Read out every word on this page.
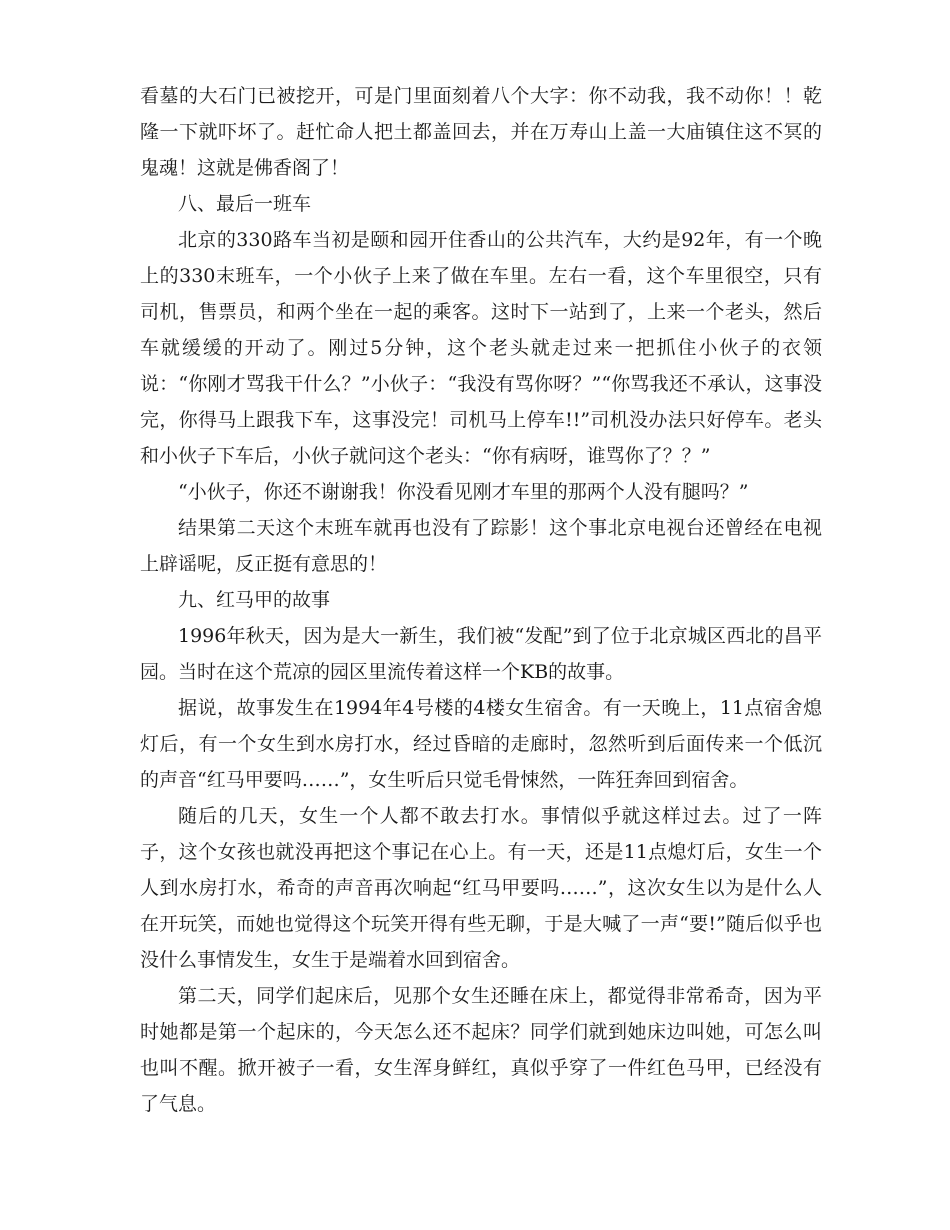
看墓的大石门已被挖开，可是门里面刻着八个大字：你不动我，我不动你！！乾隆一下就吓坏了。赶忙命人把土都盖回去，并在万寿山上盖一大庙镇住这不冥的鬼魂！这就是佛香阁了！

八、最后一班车

北京的330路车当初是颐和园开住香山的公共汽车，大约是92年，有一个晚上的330末班车，一个小伙子上来了做在车里。左右一看，这个车里很空，只有司机，售票员，和两个坐在一起的乘客。这时下一站到了，上来一个老头，然后车就缓缓的开动了。刚过5分钟，这个老头就走过来一把抓住小伙子的衣领说：“你刚才骂我干什么？”小伙子：“我没有骂你呀？”“你骂我还不承认，这事没完，你得马上跟我下车，这事没完！司机马上停车!!”司机没办法只好停车。老头和小伙子下车后，小伙子就问这个老头：“你有病呀，谁骂你了？？”

“小伙子，你还不谢谢我！你没看见刚才车里的那两个人没有腿吗？”

结果第二天这个末班车就再也没有了踪影！这个事北京电视台还曾经在电视上辟谣呢，反正挺有意思的！

九、红马甲的故事

1996年秋天，因为是大一新生，我们被“发配”到了位于北京城区西北的昌平园。当时在这个荒凉的园区里流传着这样一个KB的故事。

据说，故事发生在1994年4号楼的4楼女生宿舍。有一天晚上，11点宿舍熄灯后，有一个女生到水房打水，经过昏暗的走廊时，忽然听到后面传来一个低沉的声音“红马甲要吗……”，女生听后只觉毛骨悚然，一阵狂奔回到宿舍。

随后的几天，女生一个人都不敢去打水。事情似乎就这样过去。过了一阵子，这个女孩也就没再把这个事记在心上。有一天，还是11点熄灯后，女生一个人到水房打水，希奇的声音再次响起“红马甲要吗……”，这次女生以为是什么人在开玩笑，而她也觉得这个玩笑开得有些无聊，于是大喊了一声“要!”随后似乎也没什么事情发生，女生于是端着水回到宿舍。

第二天，同学们起床后，见那个女生还睡在床上，都觉得非常希奇，因为平时她都是第一个起床的，今天怎么还不起床？同学们就到她床边叫她，可怎么叫也叫不醒。掀开被子一看，女生浑身鲜红，真似乎穿了一件红色马甲，已经没有了气息。
